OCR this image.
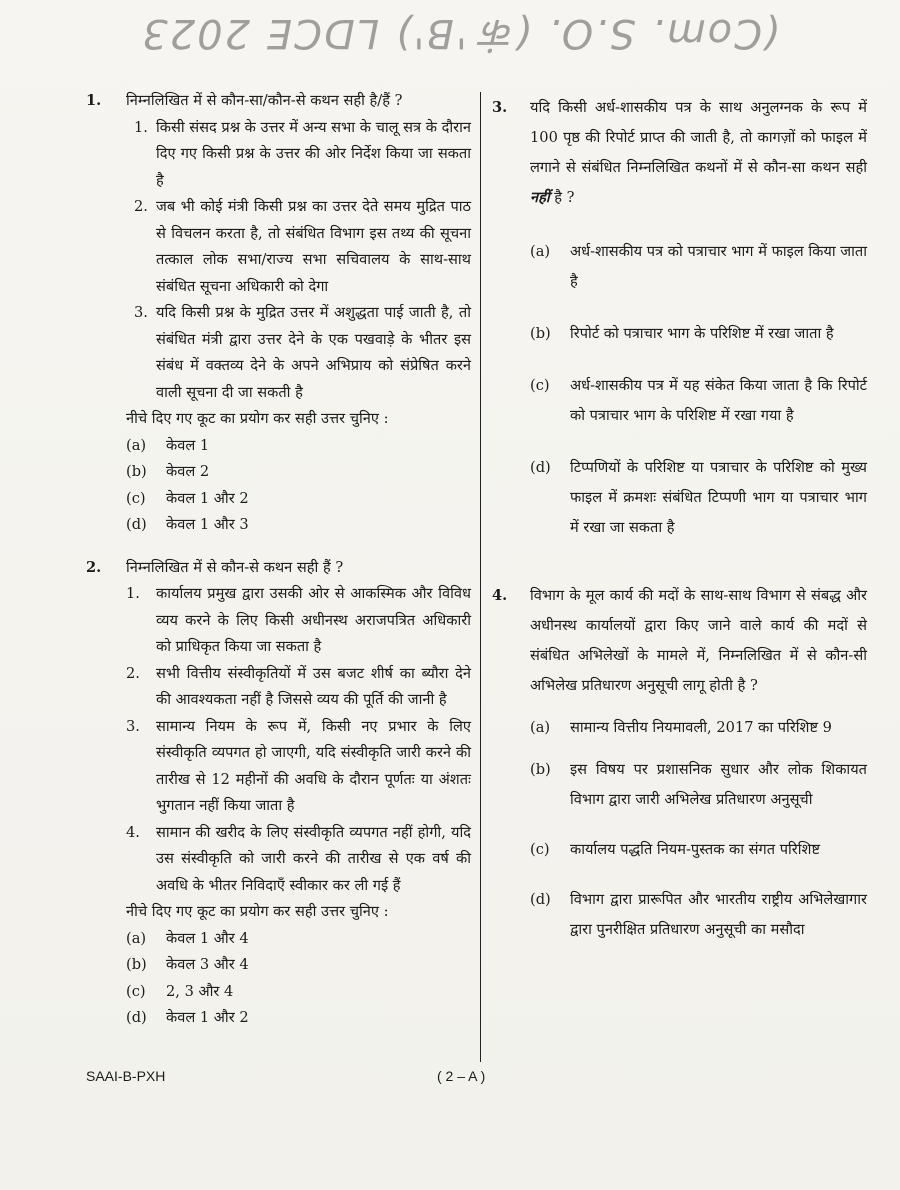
(Com. S.O. (कं 'B') LDCE 2023
1. निम्नलिखित में से कौन-सा/कौन-से कथन सही है/हैं ?
1. किसी संसद प्रश्न के उत्तर में अन्य सभा के चालू सत्र के दौरान दिए गए किसी प्रश्न के उत्तर की ओर निर्देश किया जा सकता है
2. जब भी कोई मंत्री किसी प्रश्न का उत्तर देते समय मुद्रित पाठ से विचलन करता है, तो संबंधित विभाग इस तथ्य की सूचना तत्काल लोक सभा/राज्य सभा सचिवालय के साथ-साथ संबंधित सूचना अधिकारी को देगा
3. यदि किसी प्रश्न के मुद्रित उत्तर में अशुद्धता पाई जाती है, तो संबंधित मंत्री द्वारा उत्तर देने के एक पखवाड़े के भीतर इस संबंध में वक्तव्य देने के अपने अभिप्राय को संप्रेषित करने वाली सूचना दी जा सकती है
नीचे दिए गए कूट का प्रयोग कर सही उत्तर चुनिए :
(a)	केवल 1
(b)	केवल 2
(c)	केवल 1 और 2
(d)	केवल 1 और 3
2. निम्नलिखित में से कौन-से कथन सही हैं ?
1.	कार्यालय प्रमुख द्वारा उसकी ओर से आकस्मिक और विविध व्यय करने के लिए किसी अधीनस्थ अराजपत्रित अधिकारी को प्राधिकृत किया जा सकता है
2.	सभी वित्तीय संस्वीकृतियों में उस बजट शीर्ष का ब्यौरा देने की आवश्यकता नहीं है जिससे व्यय की पूर्ति की जानी है
3.	सामान्य नियम के रूप में, किसी नए प्रभार के लिए संस्वीकृति व्यपगत हो जाएगी, यदि संस्वीकृति जारी करने की तारीख से 12 महीनों की अवधि के दौरान पूर्णतः या अंशतः भुगतान नहीं किया जाता है
4.	सामान की खरीद के लिए संस्वीकृति व्यपगत नहीं होगी, यदि उस संस्वीकृति को जारी करने की तारीख से एक वर्ष की अवधि के भीतर निविदाएँ स्वीकार कर ली गई हैं
नीचे दिए गए कूट का प्रयोग कर सही उत्तर चुनिए :
(a)	केवल 1 और 4
(b)	केवल 3 और 4
(c)	2, 3 और 4
(d)	केवल 1 और 2
3. यदि किसी अर्ध-शासकीय पत्र के साथ अनुलग्नक के रूप में 100 पृष्ठ की रिपोर्ट प्राप्त की जाती है, तो कागज़ों को फाइल में लगाने से संबंधित निम्नलिखित कथनों में से कौन-सा कथन सही नहीं है ?
(a)	अर्ध-शासकीय पत्र को पत्राचार भाग में फाइल किया जाता है
(b)	रिपोर्ट को पत्राचार भाग के परिशिष्ट में रखा जाता है
(c)	अर्ध-शासकीय पत्र में यह संकेत किया जाता है कि रिपोर्ट को पत्राचार भाग के परिशिष्ट में रखा गया है
(d)	टिप्पणियों के परिशिष्ट या पत्राचार के परिशिष्ट को मुख्य फाइल में क्रमशः संबंधित टिप्पणी भाग या पत्राचार भाग में रखा जा सकता है
4. विभाग के मूल कार्य की मदों के साथ-साथ विभाग से संबद्ध और अधीनस्थ कार्यालयों द्वारा किए जाने वाले कार्य की मदों से संबंधित अभिलेखों के मामले में, निम्नलिखित में से कौन-सी अभिलेख प्रतिधारण अनुसूची लागू होती है ?
(a)	सामान्य वित्तीय नियमावली, 2017 का परिशिष्ट 9
(b)	इस विषय पर प्रशासनिक सुधार और लोक शिकायत विभाग द्वारा जारी अभिलेख प्रतिधारण अनुसूची
(c)	कार्यालय पद्धति नियम-पुस्तक का संगत परिशिष्ट
(d)	विभाग द्वारा प्रारूपित और भारतीय राष्ट्रीय अभिलेखागार द्वारा पुनरीक्षित प्रतिधारण अनुसूची का मसौदा
SAAI-B-PXH	( 2 – A )
